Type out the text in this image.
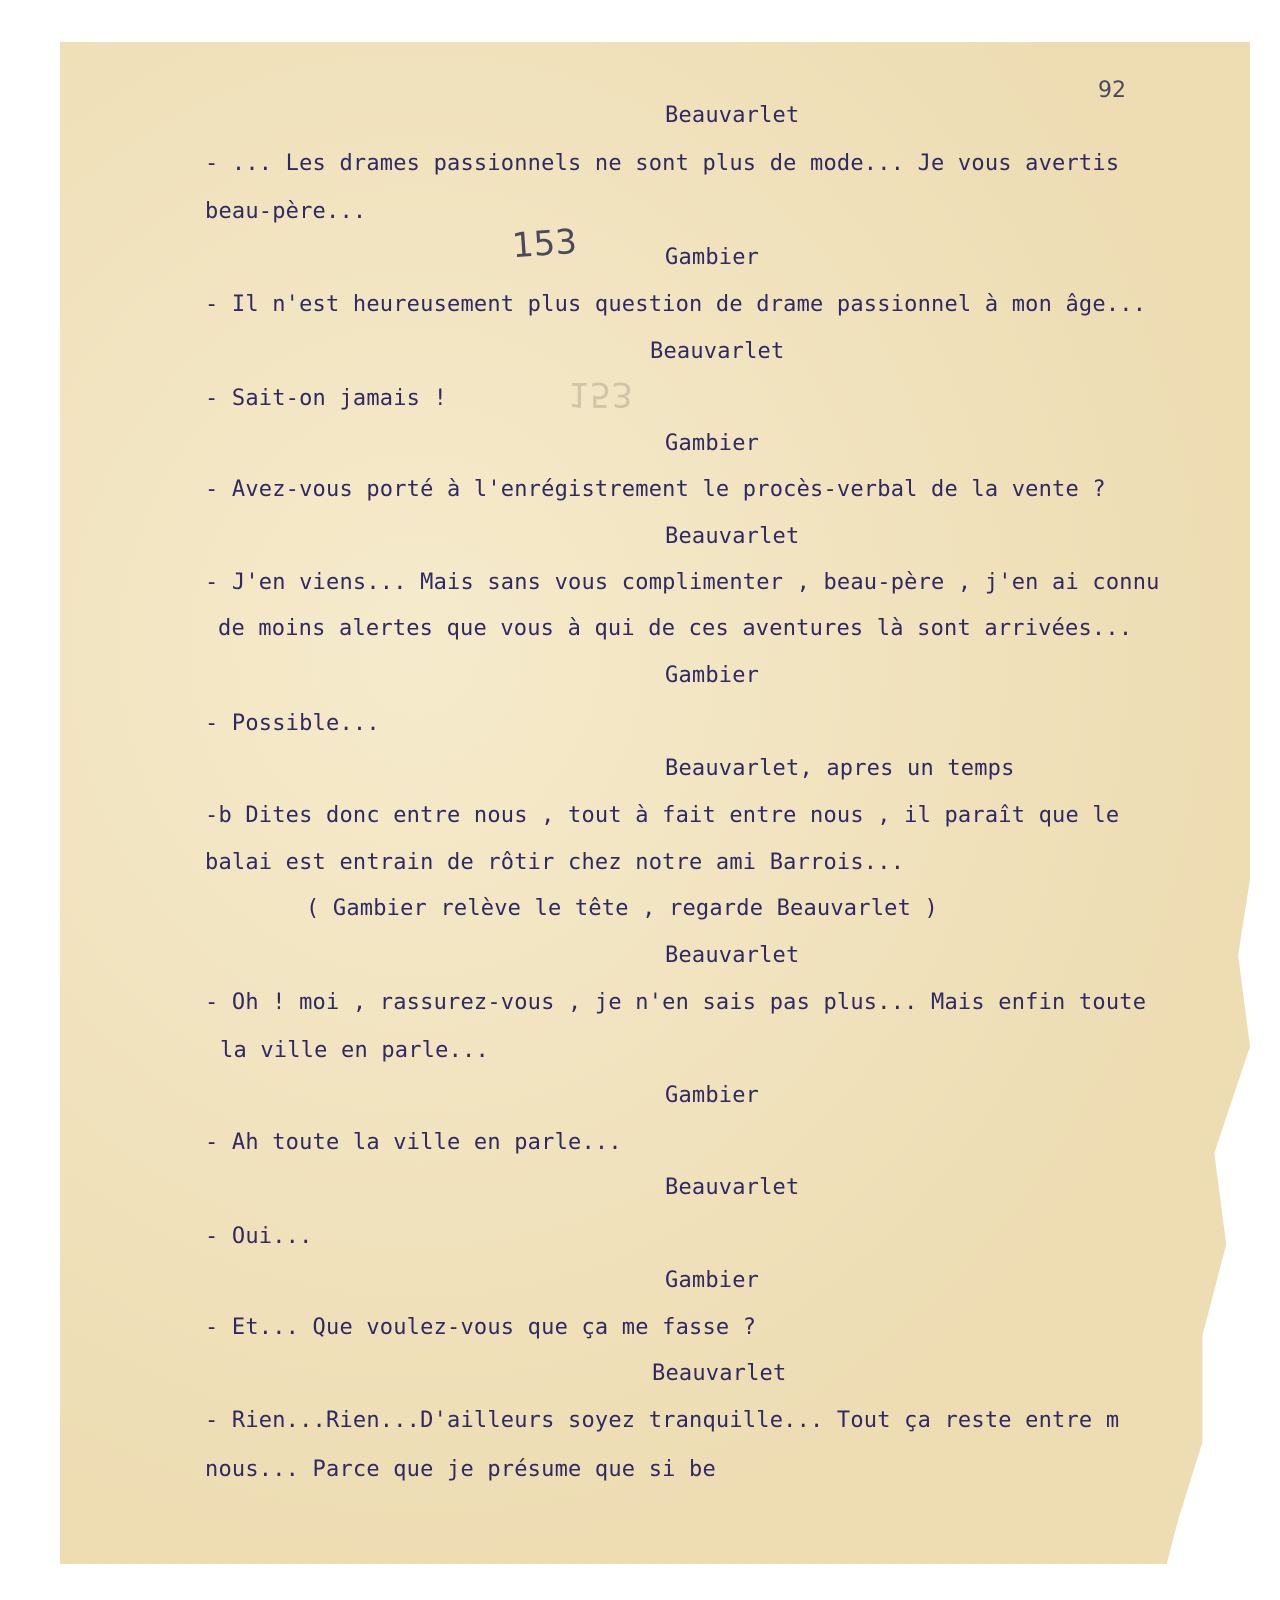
92
153
153
Beauvarlet
- ... Les drames passionnels ne sont plus de mode... Je vous avertis
beau-père...
Gambier
- Il n'est heureusement plus question de drame passionnel à mon âge...
Beauvarlet
- Sait-on jamais !
Gambier
- Avez-vous porté à l'enrégistrement le procès-verbal de la vente ?
Beauvarlet
- J'en viens... Mais sans vous complimenter , beau-père , j'en ai connu
de moins alertes que vous à qui de ces aventures là sont arrivées...
Gambier
- Possible...
Beauvarlet, apres un temps
-b Dites donc entre nous , tout à fait entre nous , il paraît que le
balai est entrain de rôtir chez notre ami Barrois...
( Gambier relève le tête , regarde Beauvarlet )
Beauvarlet
- Oh ! moi , rassurez-vous , je n'en sais pas plus... Mais enfin toute
la ville en parle...
Gambier
- Ah toute la ville en parle...
Beauvarlet
- Oui...
Gambier
- Et... Que voulez-vous que ça me fasse ?
Beauvarlet
- Rien...Rien...D'ailleurs soyez tranquille... Tout ça reste entre m
nous... Parce que je présume que si be
